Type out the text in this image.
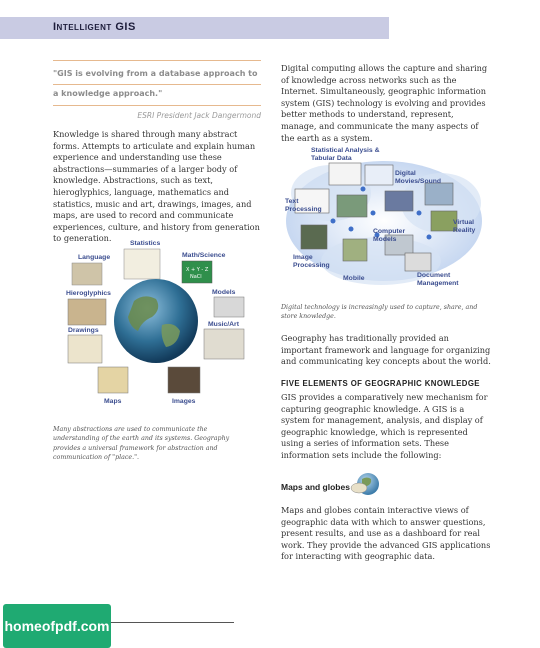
Intelligent GIS
"GIS is evolving from a database approach to a knowledge approach."
ESRI President Jack Dangermond
Knowledge is shared through many abstract forms. Attempts to articulate and explain human experience and understanding use these abstractions—summaries of a larger body of knowledge. Abstractions, such as text, hieroglyphics, language, mathematics and statistics, music and art, drawings, images, and maps, are used to record and communicate experiences, culture, and history from generation to generation.
X + Y - Z
NaCl
Language
Statistics
Math/Science
Hieroglyphics	Models
Music/Art
Drawings
Maps	Images
Many abstractions are used to communicate the understanding of the earth and its systems. Geography provides a universal framework for abstraction and communication of "place.".
Digital computing allows the capture and sharing of knowledge across networks such as the Internet. Simultaneously, geographic information system (GIS) technology is evolving and provides better methods to understand, represent, manage, and communicate the many aspects of the earth as a system.
Statistical Analysis &
Tabular Data
Digital
Movies/Sound
Text
Processing
Virtual
Reality
Computer
Models
Image
Processing
Mobile	Document
Management
Digital technology is increasingly used to capture, share, and store knowledge.
Geography has traditionally provided an important framework and language for organizing and communicating key concepts about the world.
FIVE ELEMENTS OF GEOGRAPHIC KNOWLEDGE
GIS provides a comparatively new mechanism for capturing geographic knowledge. A GIS is a system for management, analysis, and display of geographic knowledge, which is represented using a series of information sets. These information sets include the following:
Maps and globes
Maps and globes contain interactive views of geographic data with which to answer questions, present results, and use as a dashboard for real work. They provide the advanced GIS applications for interacting with geographic data.
homeofpdf.com
